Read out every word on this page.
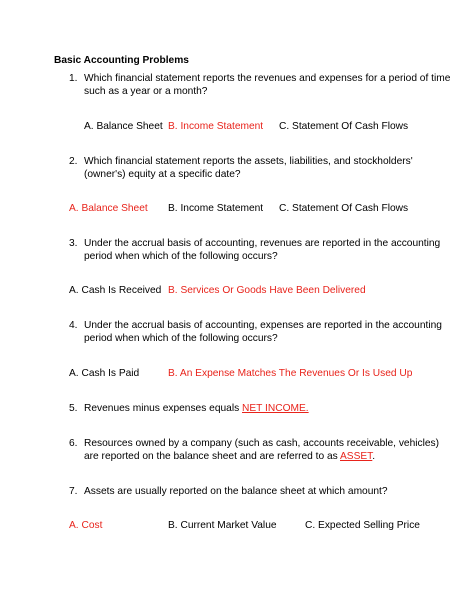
Basic Accounting Problems
1. Which financial statement reports the revenues and expenses for a period of time
such as a year or a month?
A. Balance Sheet B. Income Statement C. Statement Of Cash Flows
2. Which financial statement reports the assets, liabilities, and stockholders'
(owner's) equity at a specific date?
A. Balance Sheet B. Income Statement C. Statement Of Cash Flows
3. Under the accrual basis of accounting, revenues are reported in the accounting
period when which of the following occurs?
A. Cash Is Received B. Services Or Goods Have Been Delivered
4. Under the accrual basis of accounting, expenses are reported in the accounting
period when which of the following occurs?
A. Cash Is Paid	B. An Expense Matches The Revenues Or Is Used Up
5. Revenues minus expenses equals NET INCOME.
6. Resources owned by a company (such as cash, accounts receivable, vehicles)
are reported on the balance sheet and are referred to as ASSET.
7. Assets are usually reported on the balance sheet at which amount?
A. Cost	B. Current Market Value	C. Expected Selling Price
